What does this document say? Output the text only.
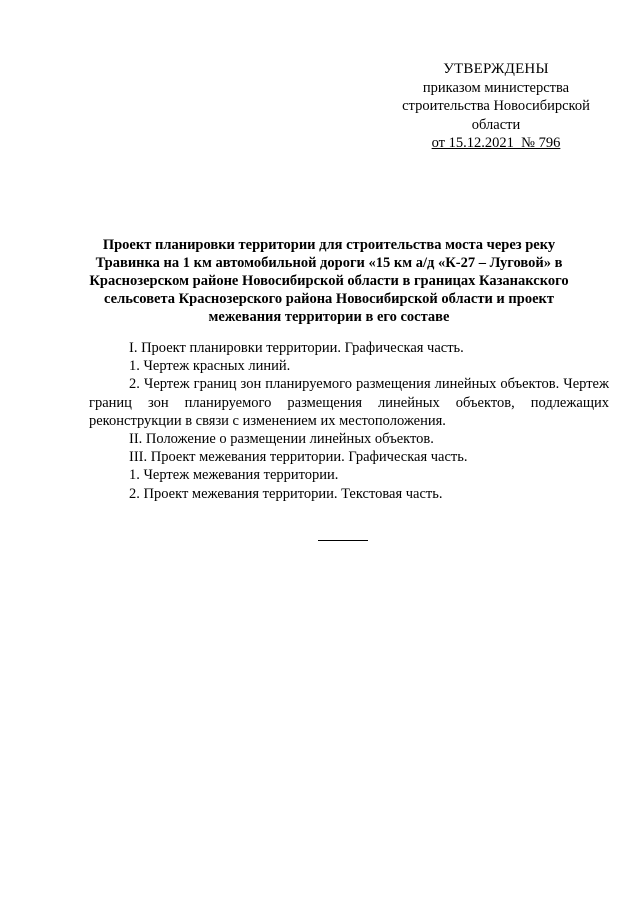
УТВЕРЖДЕНЫ
приказом министерства
строительства Новосибирской
области
от 15.12.2021  № 796
Проект планировки территории для строительства моста через реку
Травинка на 1 км автомобильной дороги «15 км а/д «К-27 – Луговой» в
Краснозерском районе Новосибирской области в границах Казанакского
сельсовета Краснозерского района Новосибирской области и проект
межевания территории в его составе

I. Проект планировки территории. Графическая часть.

1. Чертеж красных линий.

2. Чертеж границ зон планируемого размещения линейных объектов. Чертеж границ зон планируемого размещения линейных объектов, подлежащих реконструкции в связи с изменением их местоположения.

II. Положение о размещении линейных объектов.

III. Проект межевания территории. Графическая часть.

1. Чертеж межевания территории.

2. Проект межевания территории. Текстовая часть.
